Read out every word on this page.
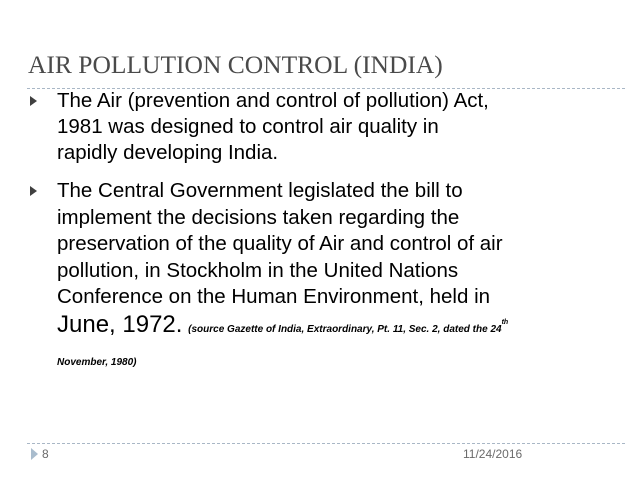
AIR POLLUTION CONTROL (INDIA)
The Air (prevention and control of pollution) Act,
1981 was designed to control air quality in
rapidly developing India.
The Central Government legislated the bill to
implement the decisions taken regarding the
preservation of the quality of Air and control of air
pollution, in Stockholm in the United Nations
Conference on the Human Environment, held in
June, 1972. (source Gazette of India, Extraordinary, Pt. 11, Sec. 2, dated the 24th
November, 1980)
8	11/24/2016
